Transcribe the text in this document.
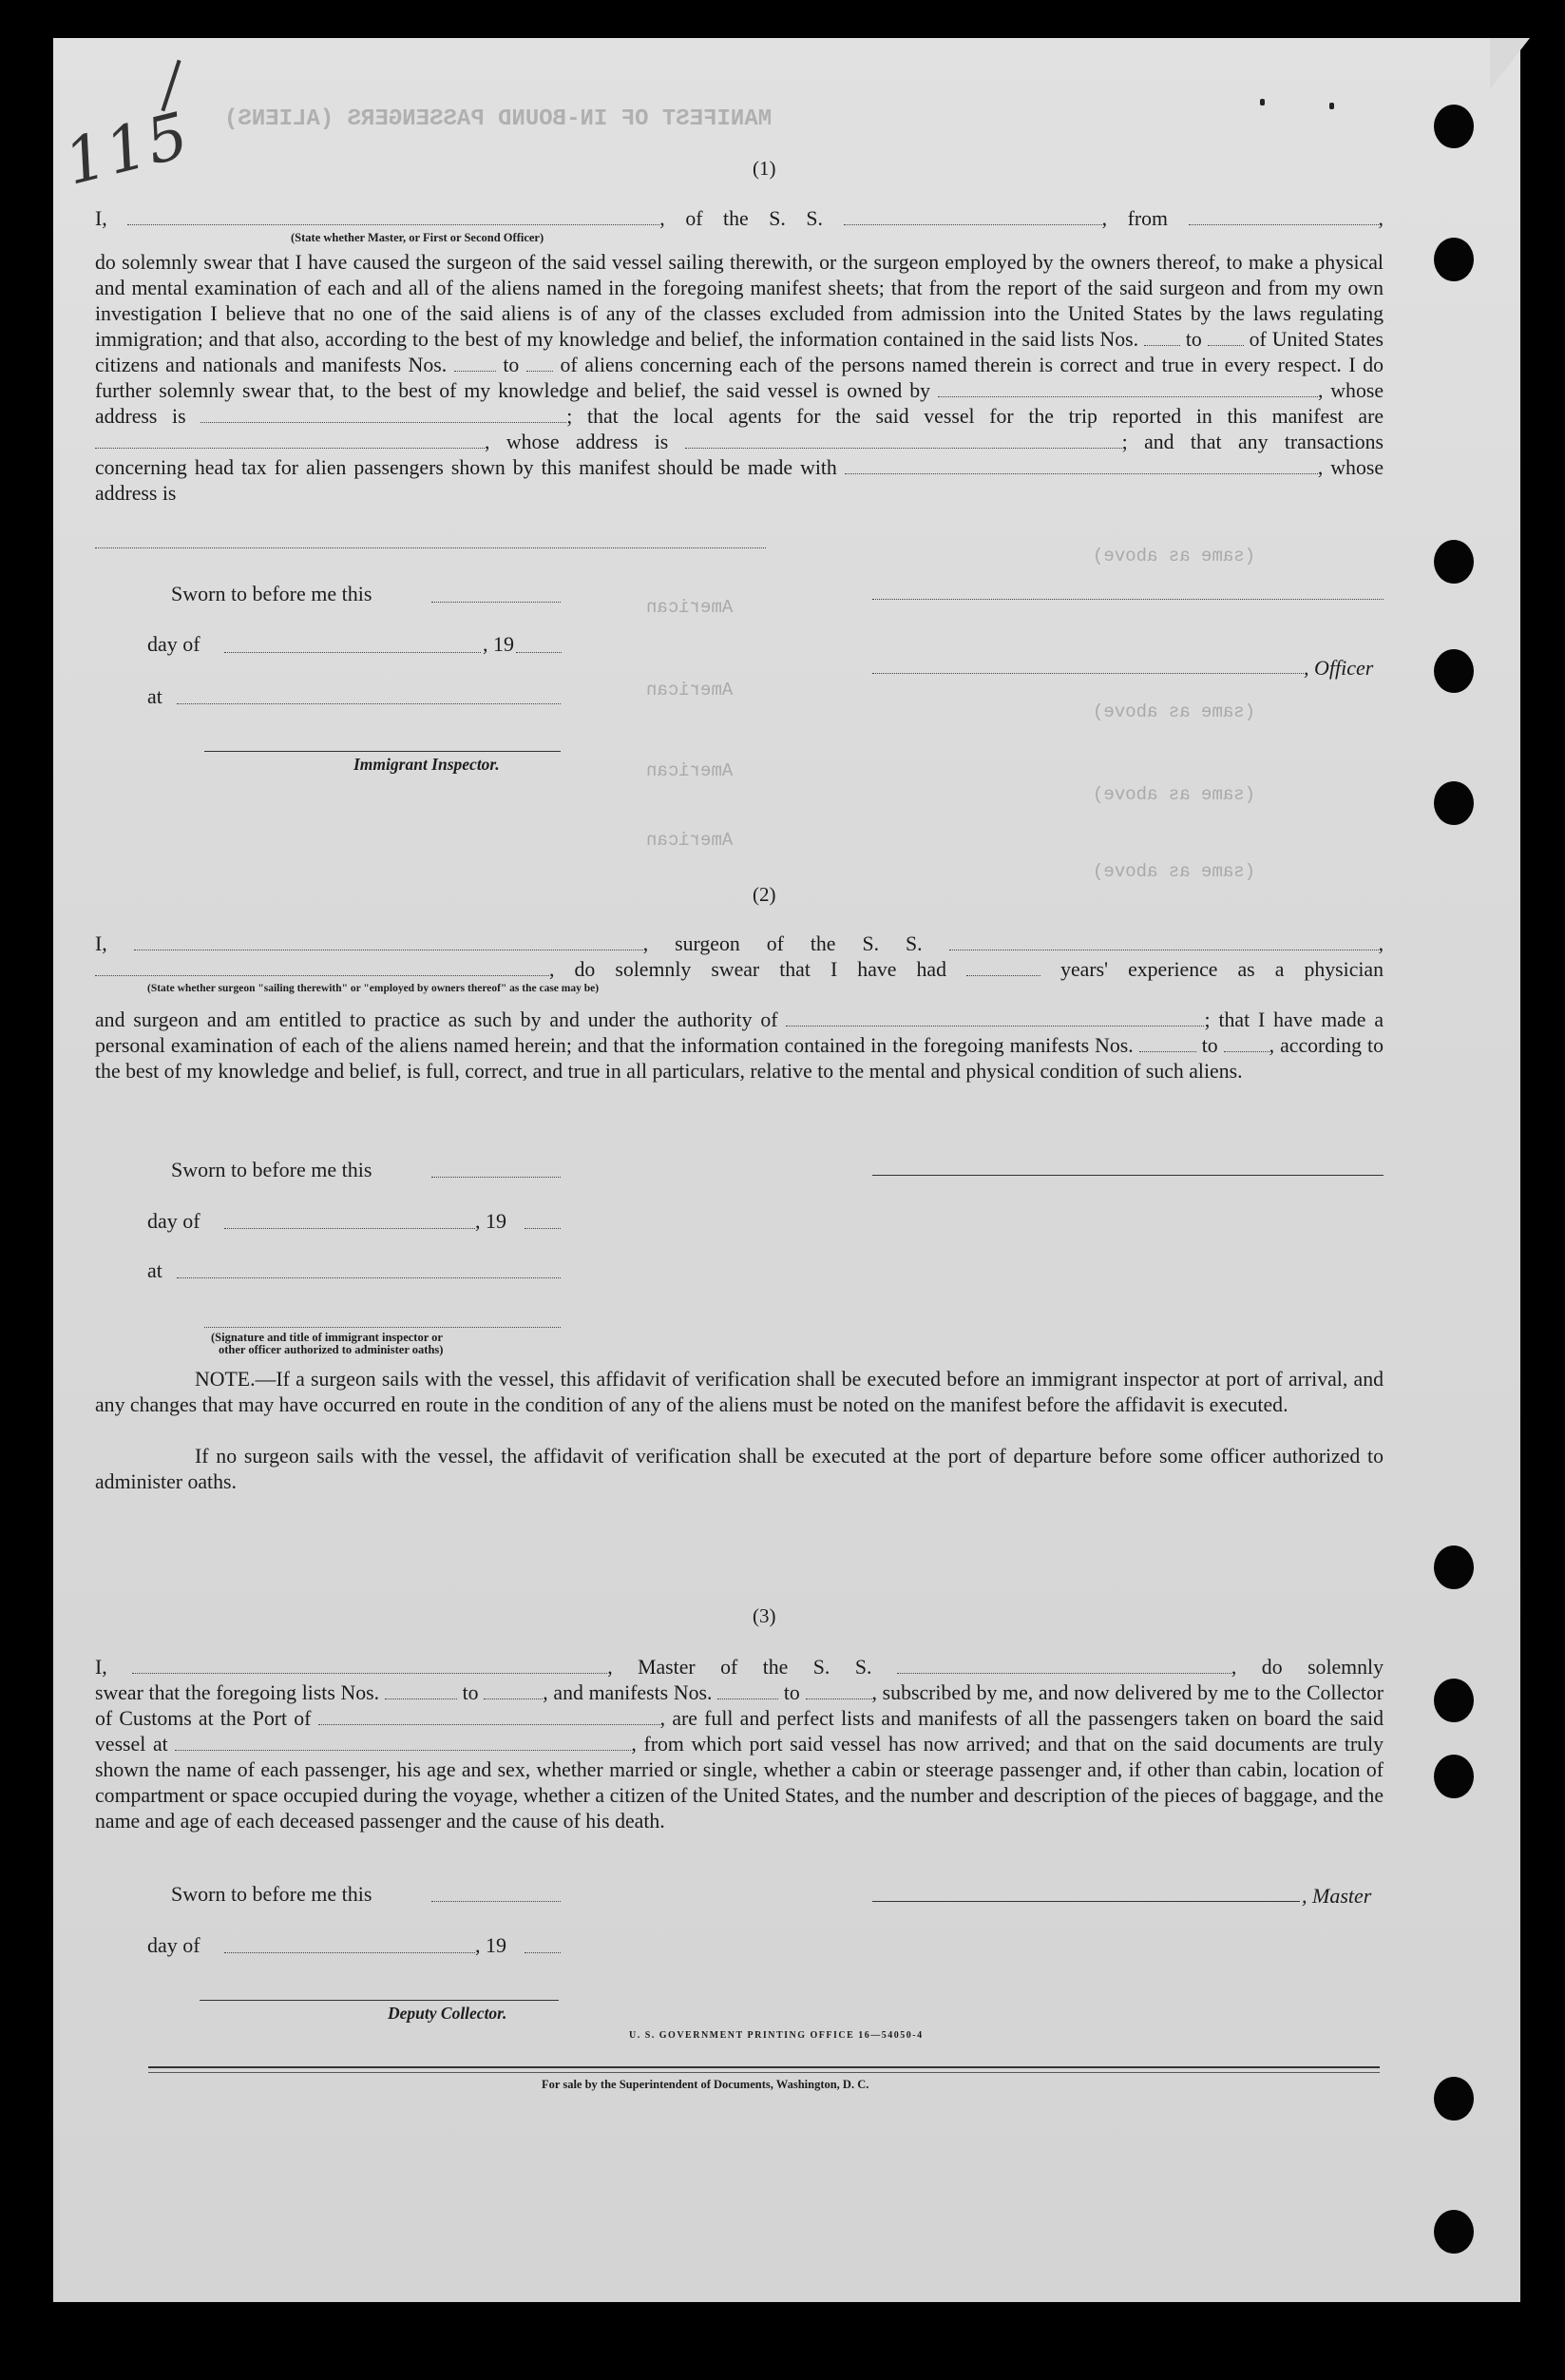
115 MANIFEST OF IN-BOUND PASSENGERS (ALIENS)
American
(same as above)
American
(same as above)
American
(same as above)
American
(same as above)
(1)
I,	, of the S. S.	, from	,
(State whether Master, or First or Second Officer)
do solemnly swear that I have caused the surgeon of the said vessel sailing therewith, or the surgeon employed by the owners thereof, to make a physical and mental examination of each and all of the aliens named in the foregoing manifest sheets; that from the report of the said surgeon and from my own investigation I believe that no one of the said aliens is of any of the classes excluded from admission into the United States by the laws regulating immigration; and that also, according to the best of my knowledge and belief, the information contained in the said lists Nos. to of United States citizens and nationals and manifests Nos.	to of aliens concerning each of the persons named therein is correct and true in every respect. I do further solemnly swear that, to the best of my knowledge and belief, the said vessel is owned by	, whose address is	; that the local agents for the said vessel for the trip reported in this manifest are , whose address is	; and that any transactions concerning head tax for alien passengers shown by this manifest should be made with	, whose address is
Sworn to before me this
day of	, 19
, Officer
at
Immigrant Inspector.
(2)
I,	, surgeon of the S. S.	,
, do solemnly swear that I have had	years' experience as a physician
(State whether surgeon "sailing therewith" or "employed by owners thereof" as the case may be)
and surgeon and am entitled to practice as such by and under the authority of	; that I have made a personal examination of each of the aliens named herein; and that the information contained in the foregoing manifests Nos.	to , according to the best of my knowledge and belief, is full, correct, and true in all particulars, relative to the mental and physical condition of such aliens.
Sworn to before me this
day of	, 19
at
(Signature and title of immigrant inspector or
other officer authorized to administer oaths)
NOTE.—If a surgeon sails with the vessel, this affidavit of verification shall be executed before an immigrant inspector at port of arrival, and any changes that may have occurred en route in the condition of any of the aliens must be noted on the manifest before the affidavit is executed.
If no surgeon sails with the vessel, the affidavit of verification shall be executed at the port of departure before some officer authorized to administer oaths.
(3)
I,	, Master of the S. S.	, do solemnly
swear that the foregoing lists Nos.	to	, and manifests Nos.	to	, subscribed by me, and now delivered by me to the Collector of Customs at the Port of	, are full and perfect lists and manifests of all the passengers taken on board the said vessel at	, from which port said vessel has now arrived; and that on the said documents are truly shown the name of each passenger, his age and sex, whether married or single, whether a cabin or steerage passenger and, if other than cabin, location of compartment or space occupied during the voyage, whether a citizen of the United States, and the number and description of the pieces of baggage, and the name and age of each deceased passenger and the cause of his death.
Sworn to before me this	, Master
day of	, 19
Deputy Collector.
U. S. GOVERNMENT PRINTING OFFICE 16—54050-4
For sale by the Superintendent of Documents, Washington, D. C.
